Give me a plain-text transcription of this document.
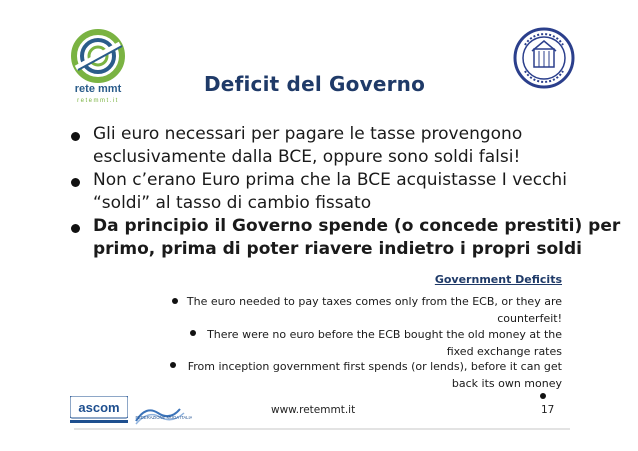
rete mmt
retemmt.it
Deficit del Governo
Gli euro necessari per pagare le tasse provengono
esclusivamente dalla BCE, oppure sono soldi falsi!
Non c’erano Euro prima che la BCE acquistasse I vecchi
“soldi” al tasso di cambio fissato
Da principio il Governo spende (o concede prestiti) per
primo, prima di poter riavere indietro i propri soldi
Government Deficits
The euro needed to pay taxes comes only from the ECB, or they are
counterfeit!
There were no euro before the ECB bought the old money at the
fixed exchange rates
From inception government first spends (or lends), before it can get
back its own money
ascom
FEDERAZIONE MODA ITALIA
www.retemmt.it	17
